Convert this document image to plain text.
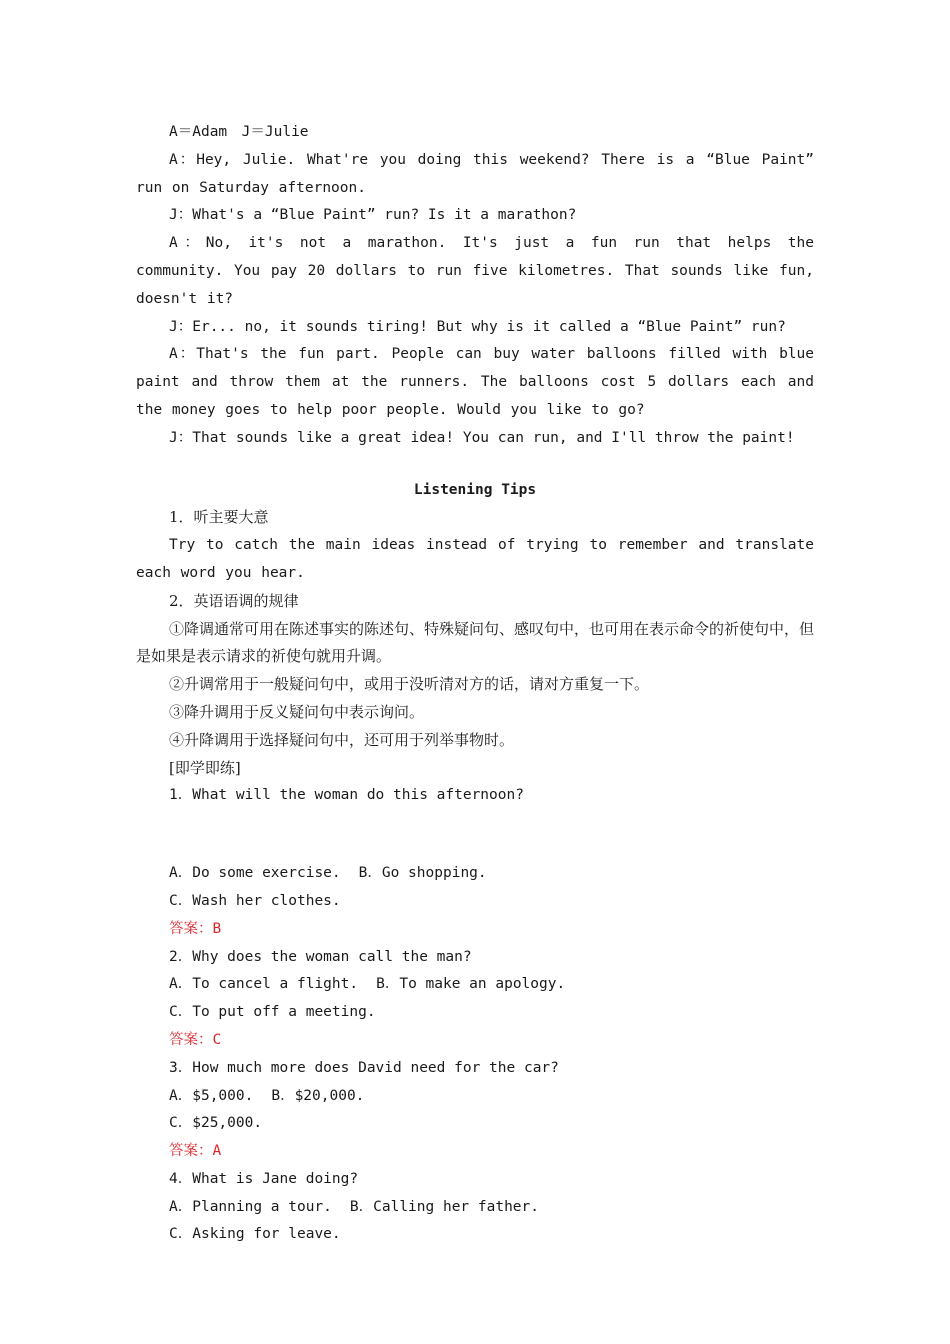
A＝Adam　J＝Julie

A：Hey, Julie. What're you doing this weekend? There is a “Blue Paint” run on Saturday afternoon.

J：What's a “Blue Paint” run? Is it a marathon?

A：No, it's not a marathon. It's just a fun run that helps the community. You pay 20 dollars to run five kilometres. That sounds like fun, doesn't it?

J：Er... no, it sounds tiring! But why is it called a “Blue Paint” run?

A：That's the fun part. People can buy water balloons filled with blue paint and throw them at the runners. The balloons cost 5 dollars each and the money goes to help poor people. Would you like to go?

J：That sounds like a great idea! You can run, and I'll throw the paint!
Listening Tips
1．听主要大意

Try to catch the main ideas instead of trying to remember and translate each word you hear.

2．英语语调的规律

①降调通常可用在陈述事实的陈述句、特殊疑问句、感叹句中，也可用在表示命令的祈使句中，但是如果是表示请求的祈使句就用升调。

②升调常用于一般疑问句中，或用于没听清对方的话，请对方重复一下。
③降升调用于反义疑问句中表示询问。
④升降调用于选择疑问句中，还可用于列举事物时。
[即学即练]
1．What will the woman do this afternoon?
A．Do some exercise. B．Go shopping.
C．Wash her clothes.
答案：B
2．Why does the woman call the man?
A．To cancel a flight. B．To make an apology.
C．To put off a meeting.
答案：C
3．How much more does David need for the car?
A．$5,000. B．$20,000.
C．$25,000.
答案：A
4．What is Jane doing?
A．Planning a tour. B．Calling her father.
C．Asking for leave.
